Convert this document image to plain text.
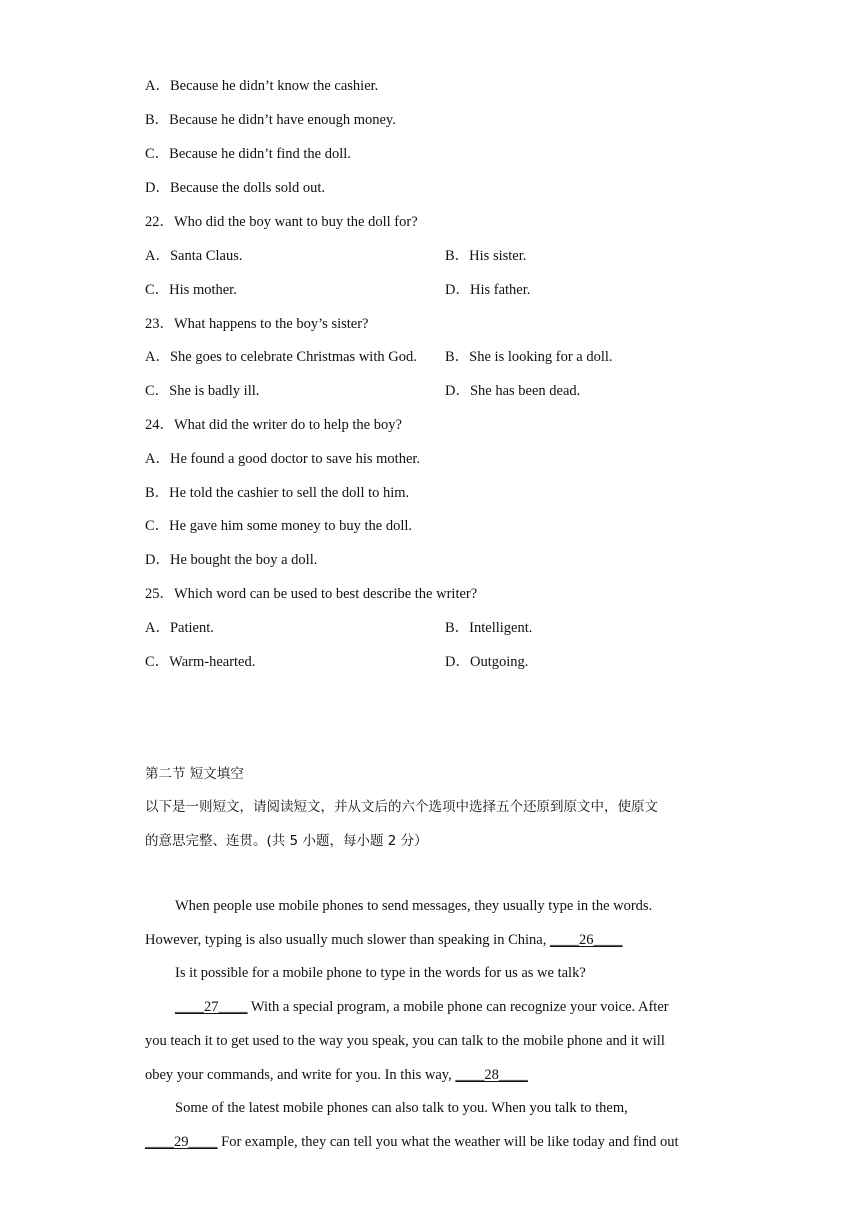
A．Because he didn’t know the cashier.
B．Because he didn’t have enough money.
C．Because he didn’t find the doll.
D．Because the dolls sold out.
22．Who did the boy want to buy the doll for?
A．Santa Claus.	B．His sister.
C．His mother.	D．His father.
23．What happens to the boy’s sister?
A．She goes to celebrate Christmas with God. B．She is looking for a doll.
C．She is badly ill.	D．She has been dead.
24．What did the writer do to help the boy?
A．He found a good doctor to save his mother.
B．He told the cashier to sell the doll to him.
C．He gave him some money to buy the doll.
D．He bought the boy a doll.
25．Which word can be used to best describe the writer?
A．Patient.	B．Intelligent.
C．Warm-hearted.	D．Outgoing.
第二节 短文填空
以下是一则短文，请阅读短文，并从文后的六个选项中选择五个还原到原文中，使原文
的意思完整、连贯。(共 5 小题，每小题 2 分）
When people use mobile phones to send messages, they usually type in the words.
However, typing is also usually much slower than speaking in China, ____26____
Is it possible for a mobile phone to type in the words for us as we talk?
____27____ With a special program, a mobile phone can recognize your voice. After
you teach it to get used to the way you speak, you can talk to the mobile phone and it will
obey your commands, and write for you. In this way, ____28____
Some of the latest mobile phones can also talk to you. When you talk to them,
____29____ For example, they can tell you what the weather will be like today and find out
